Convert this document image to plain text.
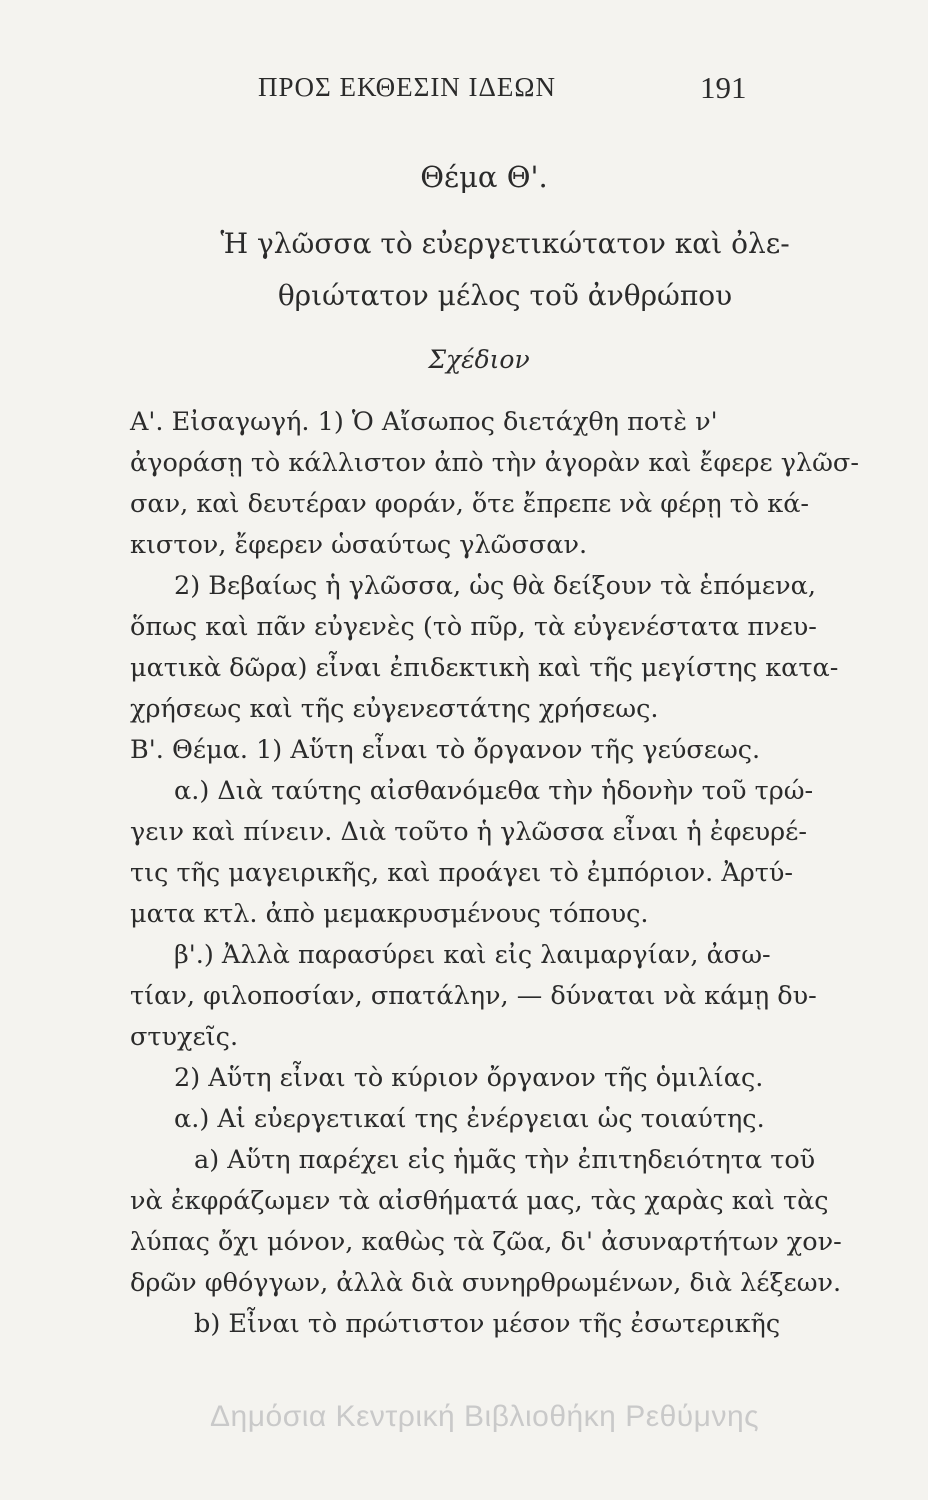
ΠΡΟΣ ΕΚΘΕΣΙΝ ΙΔΕΩΝ	191
Θέμα Θ'.
Ἡ γλῶσσα τὸ εὐεργετικώτατον καὶ ὀλε-
θριώτατον μέλος τοῦ ἀνθρώπου
Σχέδιον
Α'. Εἰσαγωγή. 1) Ὁ Αἴσωπος διετάχθη ποτὲ ν'
ἀγοράσῃ τὸ κάλλιστον ἀπὸ τὴν ἀγορὰν καὶ ἔφερε γλῶσ-
σαν, καὶ δευτέραν φοράν, ὅτε ἔπρεπε νὰ φέρῃ τὸ κά-
κιστον, ἔφερεν ὡσαύτως γλῶσσαν.
2) Βεβαίως ἡ γλῶσσα, ὡς θὰ δείξουν τὰ ἑπόμενα,
ὅπως καὶ πᾶν εὐγενὲς (τὸ πῦρ, τὰ εὐγενέστατα πνευ-
ματικὰ δῶρα) εἶναι ἐπιδεκτικὴ καὶ τῆς μεγίστης κατα-
χρήσεως καὶ τῆς εὐγενεστάτης χρήσεως.
Β'. Θέμα. 1) Αὕτη εἶναι τὸ ὄργανον τῆς γεύσεως.
α.) Διὰ ταύτης αἰσθανόμεθα τὴν ἡδονὴν τοῦ τρώ-
γειν καὶ πίνειν. Διὰ τοῦτο ἡ γλῶσσα εἶναι ἡ ἐφευρέ-
τις τῆς μαγειρικῆς, καὶ προάγει τὸ ἐμπόριον. Ἀρτύ-
ματα κτλ. ἀπὸ μεμακρυσμένους τόπους.
β'.) Ἀλλὰ παρασύρει καὶ εἰς λαιμαργίαν, ἀσω-
τίαν, φιλοποσίαν, σπατάλην, — δύναται νὰ κάμῃ δυ-
στυχεῖς.
2) Αὕτη εἶναι τὸ κύριον ὄργανον τῆς ὁμιλίας.
α.) Αἱ εὐεργετικαί της ἐνέργειαι ὡς τοιαύτης.
a) Αὕτη παρέχει εἰς ἡμᾶς τὴν ἐπιτηδειότητα τοῦ
νὰ ἐκφράζωμεν τὰ αἰσθήματά μας, τὰς χαρὰς καὶ τὰς
λύπας ὄχι μόνον, καθὼς τὰ ζῶα, δι' ἀσυναρτήτων χον-
δρῶν φθόγγων, ἀλλὰ διὰ συνηρθρωμένων, διὰ λέξεων.
b) Εἶναι τὸ πρώτιστον μέσον τῆς ἐσωτερικῆς
Δημόσια Κεντρική Βιβλιοθήκη Ρεθύμνης
